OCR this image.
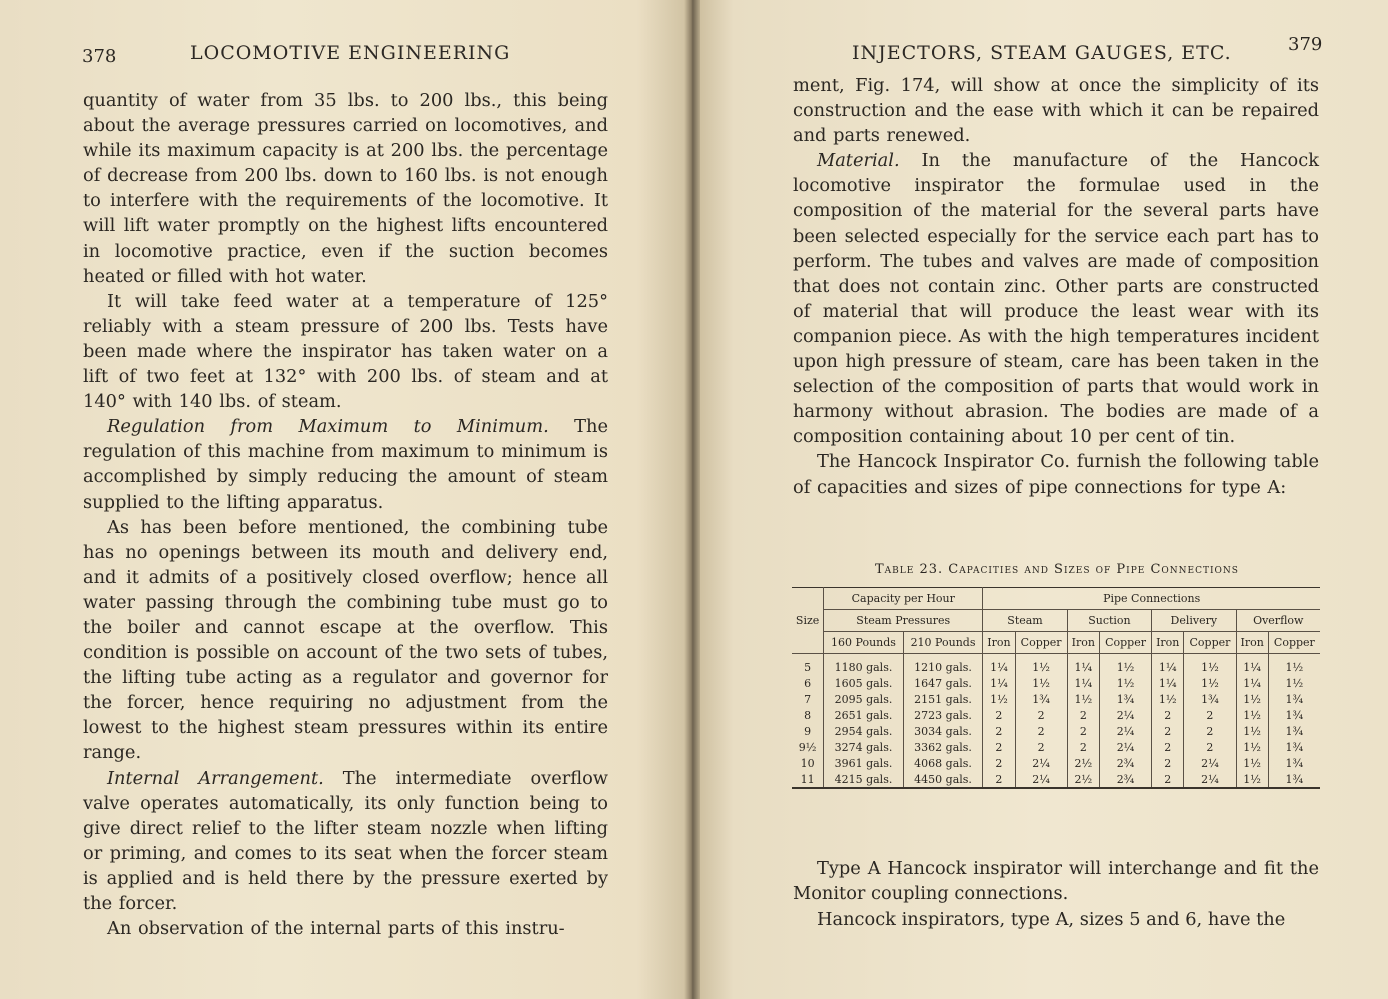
378	LOCOMOTIVE ENGINEERING

quantity of water from 35 lbs. to 200 lbs., this being about the average pressures carried on locomotives, and while its maximum capacity is at 200 lbs. the percentage of decrease from 200 lbs. down to 160 lbs. is not enough to interfere with the requirements of the locomotive. It will lift water promptly on the highest lifts encountered in locomotive practice, even if the suction becomes heated or filled with hot water.

It will take feed water at a temperature of 125° reliably with a steam pressure of 200 lbs. Tests have been made where the inspirator has taken water on a lift of two feet at 132° with 200 lbs. of steam and at 140° with 140 lbs. of steam.

Regulation from Maximum to Minimum. The regulation of this machine from maximum to minimum is accomplished by simply reducing the amount of steam supplied to the lifting apparatus.

As has been before mentioned, the combining tube has no openings between its mouth and delivery end, and it admits of a positively closed overflow; hence all water passing through the combining tube must go to the boiler and cannot escape at the overflow. This condition is possible on account of the two sets of tubes, the lifting tube acting as a regulator and governor for the forcer, hence requiring no adjustment from the lowest to the highest steam pressures within its entire range.

Internal Arrangement. The intermediate overflow valve operates automatically, its only function being to give direct relief to the lifter steam nozzle when lifting or priming, and comes to its seat when the forcer steam is applied and is held there by the pressure exerted by the forcer.

An observation of the internal parts of this instru-

INJECTORS, STEAM GAUGES, ETC.	379

ment, Fig. 174, will show at once the simplicity of its construction and the ease with which it can be repaired and parts renewed.

Material. In the manufacture of the Hancock locomotive inspirator the formulae used in the composition of the material for the several parts have been selected especially for the service each part has to perform. The tubes and valves are made of composition that does not contain zinc. Other parts are constructed of material that will produce the least wear with its companion piece. As with the high temperatures incident upon high pressure of steam, care has been taken in the selection of the composition of parts that would work in harmony without abrasion. The bodies are made of a composition containing about 10 per cent of tin.

The Hancock Inspirator Co. furnish the following table of capacities and sizes of pipe connections for type A:

Table 23. Capacities and Sizes of Pipe Connections
Size	Capacity per Hour		Pipe Connections							
	Steam Pressures		Steam		Suction		Delivery		Overflow	
	160 Pounds	210 Pounds	Iron	Copper	Iron	Copper	Iron	Copper	Iron	Copper
5	1180 gals.	1210 gals.	1¼	1½	1¼	1½	1¼	1½	1¼	1½
6	1605 gals.	1647 gals.	1¼	1½	1¼	1½	1¼	1½	1¼	1½
7	2095 gals.	2151 gals.	1½	1¾	1½	1¾	1½	1¾	1½	1¾
8	2651 gals.	2723 gals.	2	2	2	2¼	2	2	1½	1¾
9	2954 gals.	3034 gals.	2	2	2	2¼	2	2	1½	1¾
9½	3274 gals.	3362 gals.	2	2	2	2¼	2	2	1½	1¾
10	3961 gals.	4068 gals.	2	2¼	2½	2¾	2	2¼	1½	1¾
11	4215 gals.	4450 gals.	2	2¼	2½	2¾	2	2¼	1½	1¾

Type A Hancock inspirator will interchange and fit the Monitor coupling connections.

Hancock inspirators, type A, sizes 5 and 6, have the
